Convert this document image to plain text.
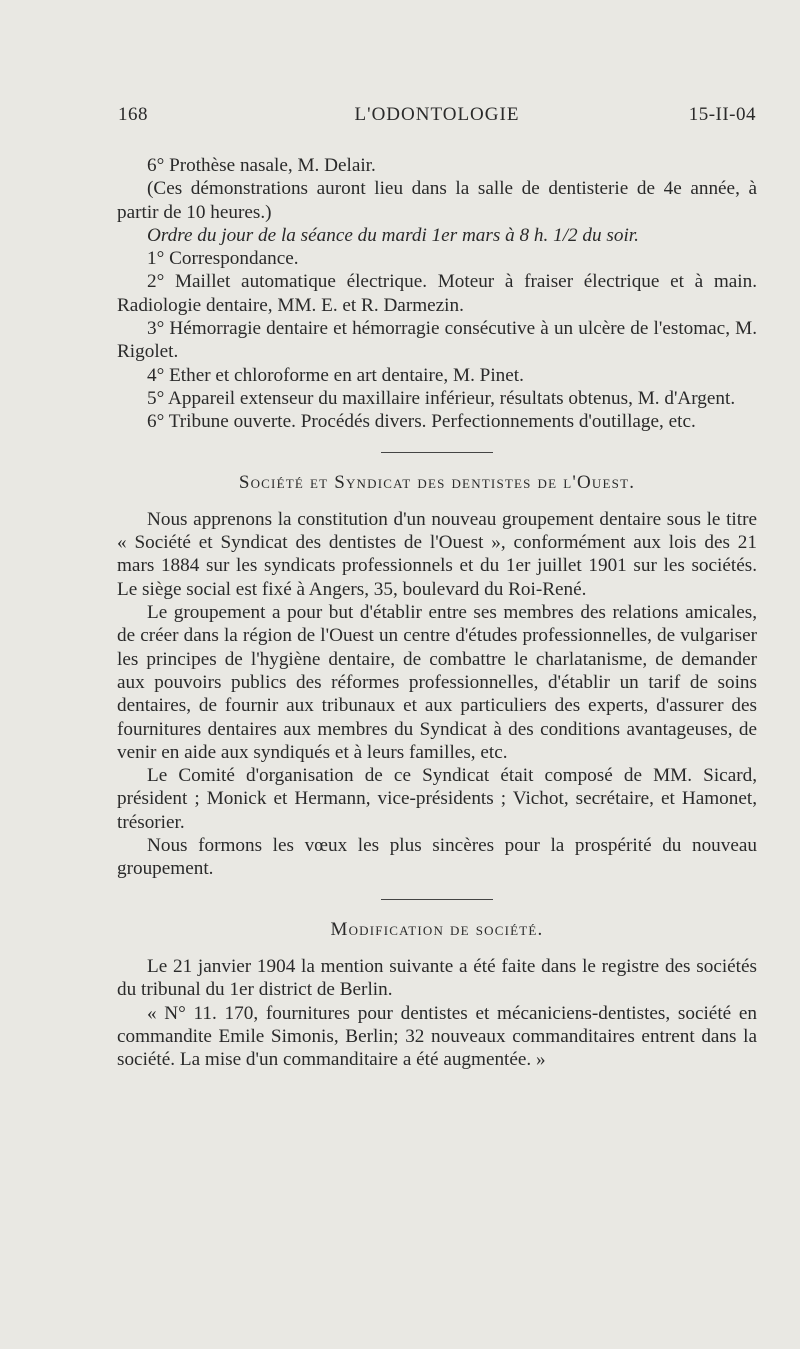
168	L'ODONTOLOGIE	15-II-04

6° Prothèse nasale, M. Delair.

(Ces démonstrations auront lieu dans la salle de dentisterie de 4e année, à partir de 10 heures.)

Ordre du jour de la séance du mardi 1er mars à 8 h. 1/2 du soir.

1° Correspondance.

2° Maillet automatique électrique. Moteur à fraiser électrique et à main. Radiologie dentaire, MM. E. et R. Darmezin.

3° Hémorragie dentaire et hémorragie consécutive à un ulcère de l'estomac, M. Rigolet.

4° Ether et chloroforme en art dentaire, M. Pinet.

5° Appareil extenseur du maxillaire inférieur, résultats obtenus, M. d'Argent.

6° Tribune ouverte. Procédés divers. Perfectionnements d'outillage, etc.

Société et Syndicat des dentistes de l'Ouest.

Nous apprenons la constitution d'un nouveau groupement dentaire sous le titre « Société et Syndicat des dentistes de l'Ouest », conformément aux lois des 21 mars 1884 sur les syndicats professionnels et du 1er juillet 1901 sur les sociétés. Le siège social est fixé à Angers, 35, boulevard du Roi-René.

Le groupement a pour but d'établir entre ses membres des relations amicales, de créer dans la région de l'Ouest un centre d'études professionnelles, de vulgariser les principes de l'hygiène dentaire, de combattre le charlatanisme, de demander aux pouvoirs publics des réformes professionnelles, d'établir un tarif de soins dentaires, de fournir aux tribunaux et aux particuliers des experts, d'assurer des fournitures dentaires aux membres du Syndicat à des conditions avantageuses, de venir en aide aux syndiqués et à leurs familles, etc.

Le Comité d'organisation de ce Syndicat était composé de MM. Sicard, président ; Monick et Hermann, vice-présidents ; Vichot, secrétaire, et Hamonet, trésorier.

Nous formons les vœux les plus sincères pour la prospérité du nouveau groupement.

Modification de société.

Le 21 janvier 1904 la mention suivante a été faite dans le registre des sociétés du tribunal du 1er district de Berlin.

« N° 11. 170, fournitures pour dentistes et mécaniciens-dentistes, société en commandite Emile Simonis, Berlin; 32 nouveaux commanditaires entrent dans la société. La mise d'un commanditaire a été augmentée. »
